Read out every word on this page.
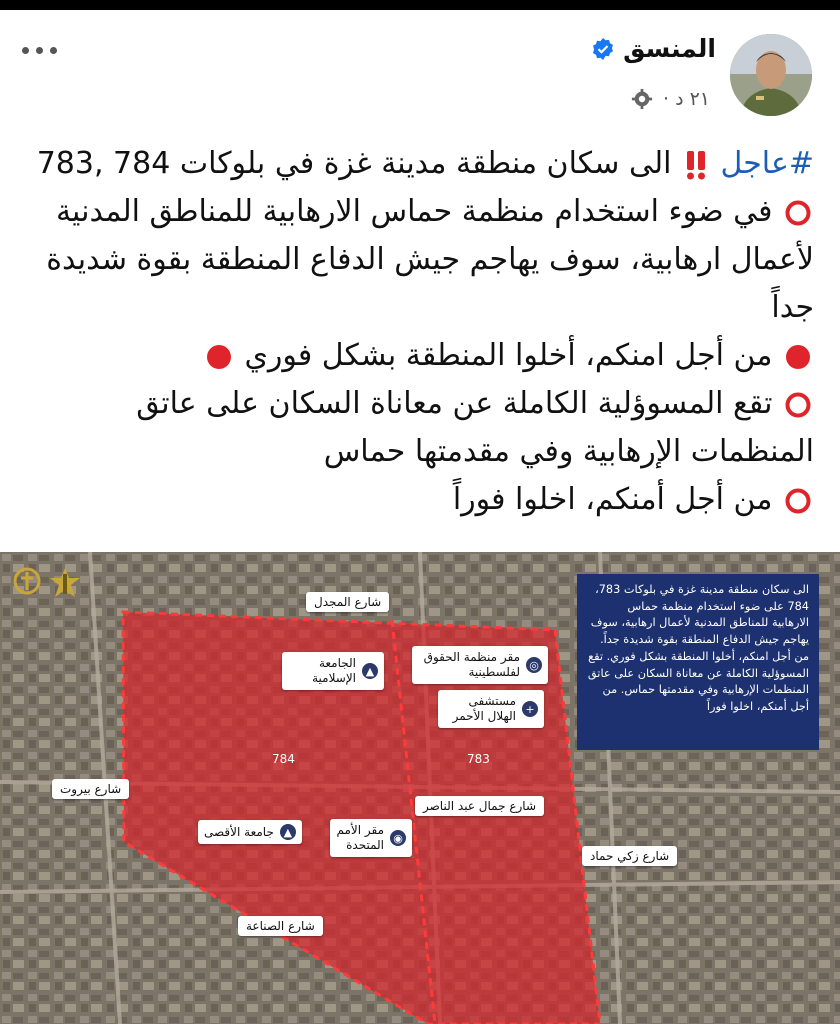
المنسق
٢١ د ·

#عاجل  الى سكان منطقة مدينة غزة في بلوكات 784 ,783

في ضوء استخدام منظمة حماس الارهابية للمناطق المدنية لأعمال ارهابية، سوف يهاجم جيش الدفاع المنطقة بقوة شديدة جداً

من أجل امنكم، أخلوا المنطقة بشكل فوري

تقع المسوؤلية الكاملة عن معاناة السكان على عاتق المنظمات الإرهابية وفي مقدمتها حماس

من أجل أمنكم، اخلوا فوراً

الى سكان منطقة مدينة غزة في بلوكات 783، 784 على ضوء استخدام منظمة حماس الارهابية للمناطق المدنية لأعمال ارهابية، سوف يهاجم جيش الدفاع المنطقة بقوة شديدة جداً. من أجل امنكم، أخلوا المنطقة بشكل فوري. تقع المسوؤلية الكاملة عن معاناة السكان على عاتق المنظمات الإرهابية وفي مقدمتها حماس. من أجل أمنكم، اخلوا فوراً
شارع المجدل
شارع بيروت
شارع جمال عبد الناصر
شارع زكي حماد
شارع الصناعة
◎
مقر منظمة الحقوق لفلسطينية
▲
الجامعة الإسلامية
+
مستشفى الهلال الأحمر
▲
جامعة الأقصى	◉
مقر الأمم المتحدة
784	783
